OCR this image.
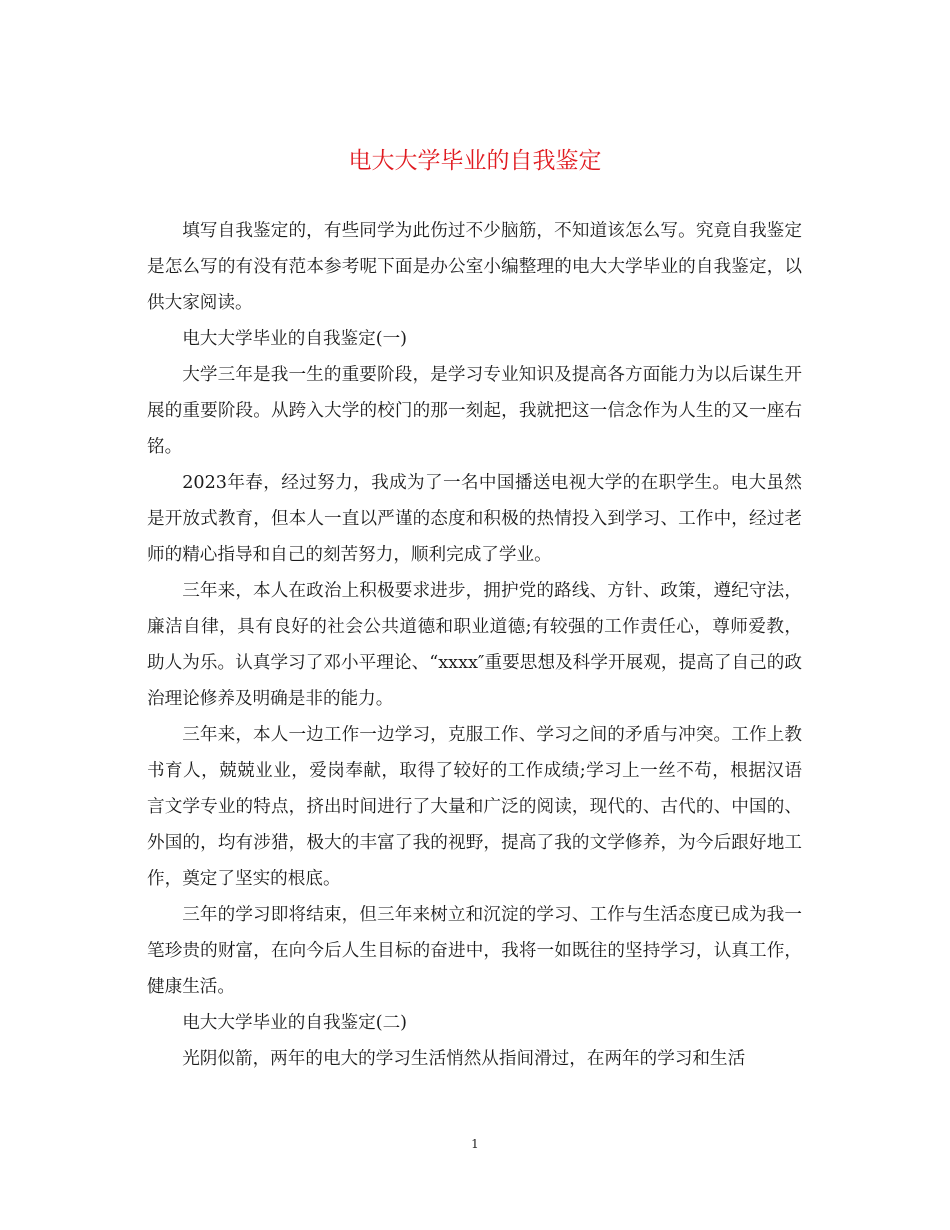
电大大学毕业的自我鉴定

填写自我鉴定的，有些同学为此伤过不少脑筋，不知道该怎么写。究竟自我鉴定是怎么写的有没有范本参考呢下面是办公室小编整理的电大大学毕业的自我鉴定，以供大家阅读。

电大大学毕业的自我鉴定(一)

大学三年是我一生的重要阶段，是学习专业知识及提高各方面能力为以后谋生开展的重要阶段。从跨入大学的校门的那一刻起，我就把这一信念作为人生的又一座右铭。

2023年春，经过努力，我成为了一名中国播送电视大学的在职学生。电大虽然是开放式教育，但本人一直以严谨的态度和积极的热情投入到学习、工作中，经过老师的精心指导和自己的刻苦努力，顺利完成了学业。

三年来，本人在政治上积极要求进步，拥护党的路线、方针、政策，遵纪守法，廉洁自律，具有良好的社会公共道德和职业道德;有较强的工作责任心，尊师爱教，助人为乐。认真学习了邓小平理论、“xxxx″重要思想及科学开展观，提高了自己的政治理论修养及明确是非的能力。

三年来，本人一边工作一边学习，克服工作、学习之间的矛盾与冲突。工作上教书育人，兢兢业业，爱岗奉献，取得了较好的工作成绩;学习上一丝不苟，根据汉语言文学专业的特点，挤出时间进行了大量和广泛的阅读，现代的、古代的、中国的、外国的，均有涉猎，极大的丰富了我的视野，提高了我的文学修养，为今后跟好地工作，奠定了坚实的根底。

三年的学习即将结束，但三年来树立和沉淀的学习、工作与生活态度已成为我一笔珍贵的财富，在向今后人生目标的奋进中，我将一如既往的坚持学习，认真工作，健康生活。

电大大学毕业的自我鉴定(二)

光阴似箭，两年的电大的学习生活悄然从指间滑过，在两年的学习和生活

1
